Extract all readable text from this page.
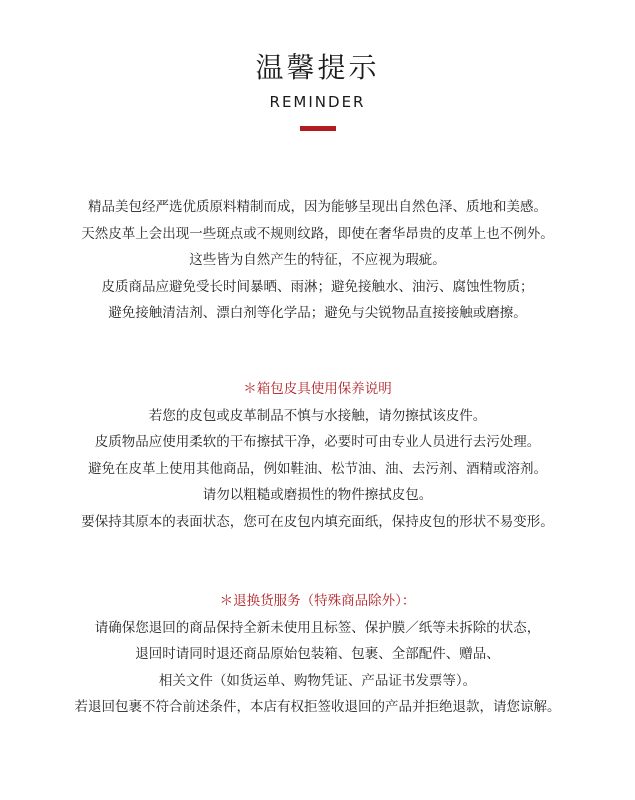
温馨提示
REMINDER
精品美包经严选优质原料精制而成，因为能够呈现出自然色泽、质地和美感。
天然皮革上会出现一些斑点或不规则纹路，即使在奢华昂贵的皮革上也不例外。
这些皆为自然产生的特征，不应视为瑕疵。
皮质商品应避免受长时间暴晒、雨淋；避免接触水、油污、腐蚀性物质；
避免接触清洁剂、漂白剂等化学品；避免与尖锐物品直接接触或磨擦。
＊箱包皮具使用保养说明
若您的皮包或皮革制品不慎与水接触，请勿擦拭该皮件。
皮质物品应使用柔软的干布擦拭干净，必要时可由专业人员进行去污处理。
避免在皮革上使用其他商品，例如鞋油、松节油、油、去污剂、酒精或溶剂。
请勿以粗糙或磨损性的物件擦拭皮包。
要保持其原本的表面状态，您可在皮包内填充面纸，保持皮包的形状不易变形。
＊退换货服务（特殊商品除外）：
请确保您退回的商品保持全新未使用且标签、保护膜／纸等未拆除的状态，
退回时请同时退还商品原始包装箱、包裹、全部配件、赠品、
相关文件（如货运单、购物凭证、产品证书发票等）。
若退回包裹不符合前述条件，本店有权拒签收退回的产品并拒绝退款，请您谅解。
